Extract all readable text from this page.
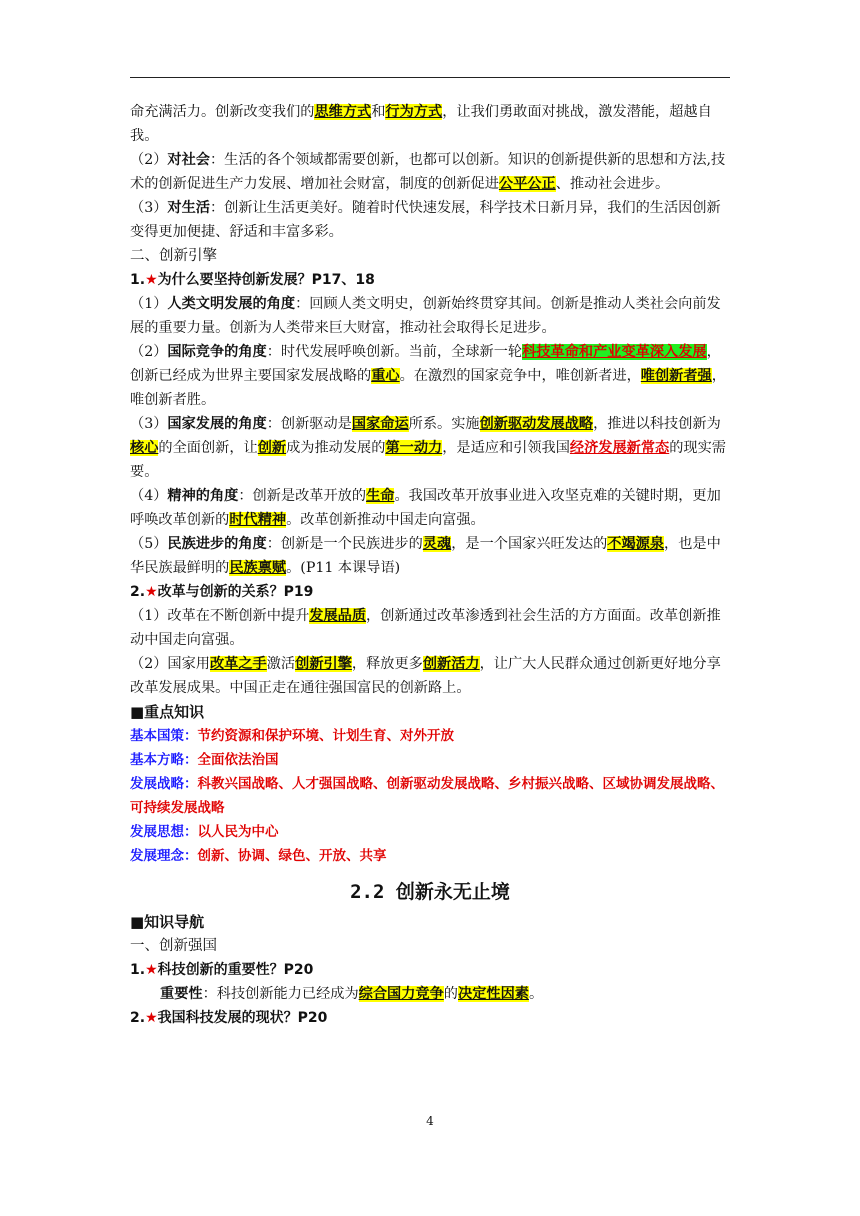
命充满活力。创新改变我们的思维方式和行为方式，让我们勇敢面对挑战，激发潜能，超越自我。

（2）对社会：生活的各个领域都需要创新，也都可以创新。知识的创新提供新的思想和方法,技术的创新促进生产力发展、增加社会财富，制度的创新促进公平公正、推动社会进步。

（3）对生活：创新让生活更美好。随着时代快速发展，科学技术日新月异，我们的生活因创新变得更加便捷、舒适和丰富多彩。

二、创新引擎

1.★为什么要坚持创新发展？P17、18

（1）人类文明发展的角度：回顾人类文明史，创新始终贯穿其间。创新是推动人类社会向前发展的重要力量。创新为人类带来巨大财富，推动社会取得长足进步。

（2）国际竞争的角度：时代发展呼唤创新。当前，全球新一轮科技革命和产业变革深入发展，创新已经成为世界主要国家发展战略的重心。在激烈的国家竞争中，唯创新者进，唯创新者强，唯创新者胜。

（3）国家发展的角度：创新驱动是国家命运所系。实施创新驱动发展战略，推进以科技创新为核心的全面创新，让创新成为推动发展的第一动力，是适应和引领我国经济发展新常态的现实需要。

（4）精神的角度：创新是改革开放的生命。我国改革开放事业进入攻坚克难的关键时期，更加呼唤改革创新的时代精神。改革创新推动中国走向富强。

（5）民族进步的角度：创新是一个民族进步的灵魂，是一个国家兴旺发达的不竭源泉，也是中华民族最鲜明的民族禀赋。(P11 本课导语)

2.★改革与创新的关系？P19

（1）改革在不断创新中提升发展品质，创新通过改革渗透到社会生活的方方面面。改革创新推动中国走向富强。

（2）国家用改革之手激活创新引擎，释放更多创新活力，让广大人民群众通过创新更好地分享改革发展成果。中国正走在通往强国富民的创新路上。

■重点知识

基本国策：节约资源和保护环境、计划生育、对外开放

基本方略：全面依法治国

发展战略：科教兴国战略、人才强国战略、创新驱动发展战略、乡村振兴战略、区域协调发展战略、可持续发展战略

发展思想：以人民为中心

发展理念：创新、协调、绿色、开放、共享

2.2 创新永无止境

■知识导航

一、创新强国

1.★科技创新的重要性？P20

重要性：科技创新能力已经成为综合国力竞争的决定性因素。

2.★我国科技发展的现状？P20

4
